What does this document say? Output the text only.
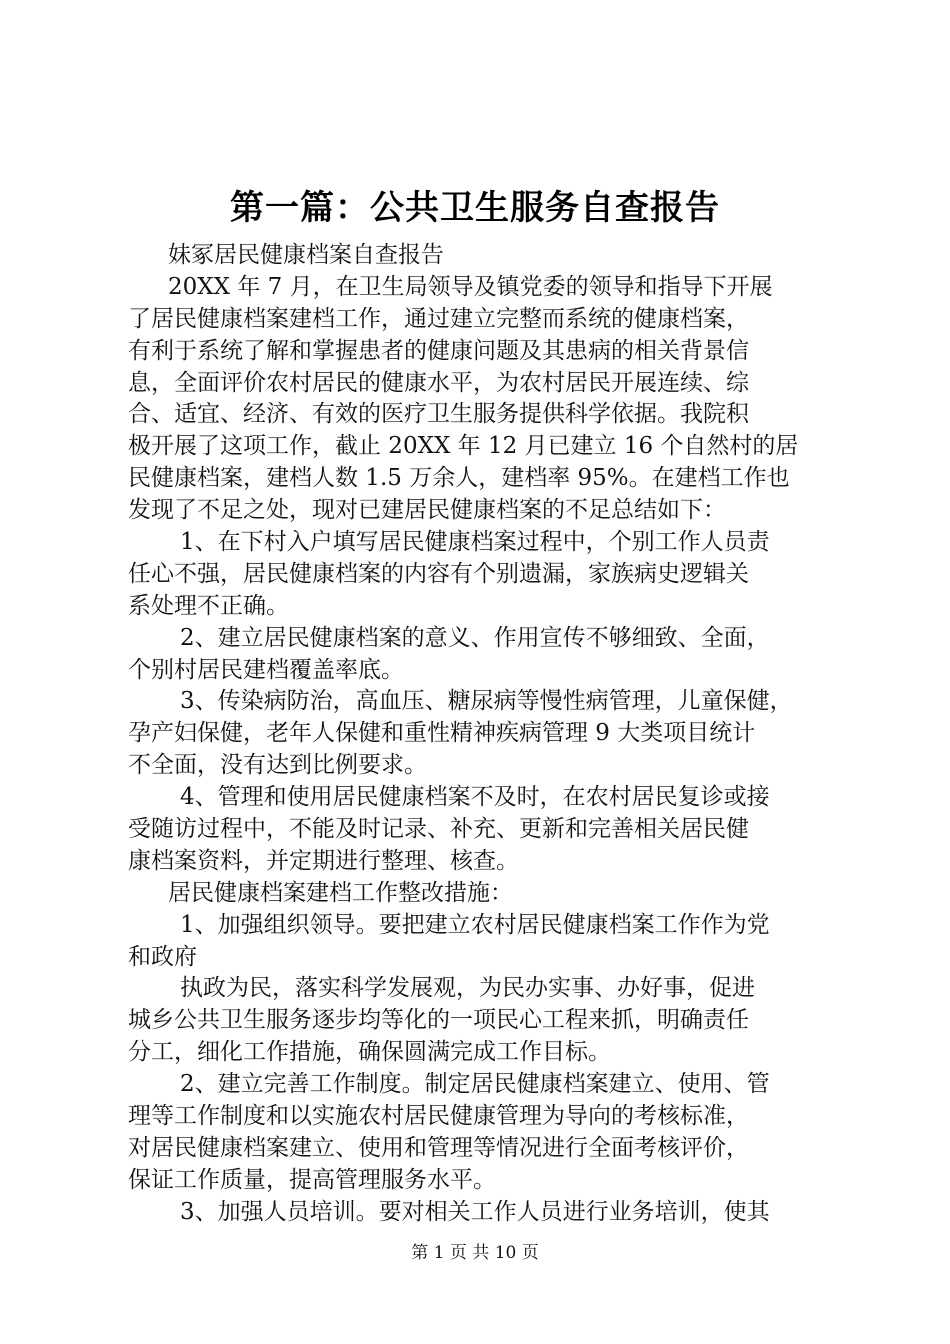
第一篇：公共卫生服务自查报告
妹冢居民健康档案自查报告
20XX 年 7 月，在卫生局领导及镇党委的领导和指导下开展
了居民健康档案建档工作，通过建立完整而系统的健康档案，
有利于系统了解和掌握患者的健康问题及其患病的相关背景信
息，全面评价农村居民的健康水平，为农村居民开展连续、综
合、适宜、经济、有效的医疗卫生服务提供科学依据。我院积
极开展了这项工作，截止 20XX 年 12 月已建立 16 个自然村的居
民健康档案，建档人数 1.5 万余人，建档率 95%。在建档工作也
发现了不足之处，现对已建居民健康档案的不足总结如下：
1、在下村入户填写居民健康档案过程中，个别工作人员责
任心不强，居民健康档案的内容有个别遗漏，家族病史逻辑关
系处理不正确。
2、建立居民健康档案的意义、作用宣传不够细致、全面，
个别村居民建档覆盖率底。
3、传染病防治，高血压、糖尿病等慢性病管理，儿童保健，
孕产妇保健，老年人保健和重性精神疾病管理 9 大类项目统计
不全面，没有达到比例要求。
4、管理和使用居民健康档案不及时，在农村居民复诊或接
受随访过程中，不能及时记录、补充、更新和完善相关居民健
康档案资料，并定期进行整理、核查。
居民健康档案建档工作整改措施：
1、加强组织领导。要把建立农村居民健康档案工作作为党
和政府
执政为民，落实科学发展观，为民办实事、办好事，促进
城乡公共卫生服务逐步均等化的一项民心工程来抓，明确责任
分工，细化工作措施，确保圆满完成工作目标。
2、建立完善工作制度。制定居民健康档案建立、使用、管
理等工作制度和以实施农村居民健康管理为导向的考核标准，
对居民健康档案建立、使用和管理等情况进行全面考核评价，
保证工作质量，提高管理服务水平。
3、加强人员培训。要对相关工作人员进行业务培训，使其
第 1 页 共 10 页
